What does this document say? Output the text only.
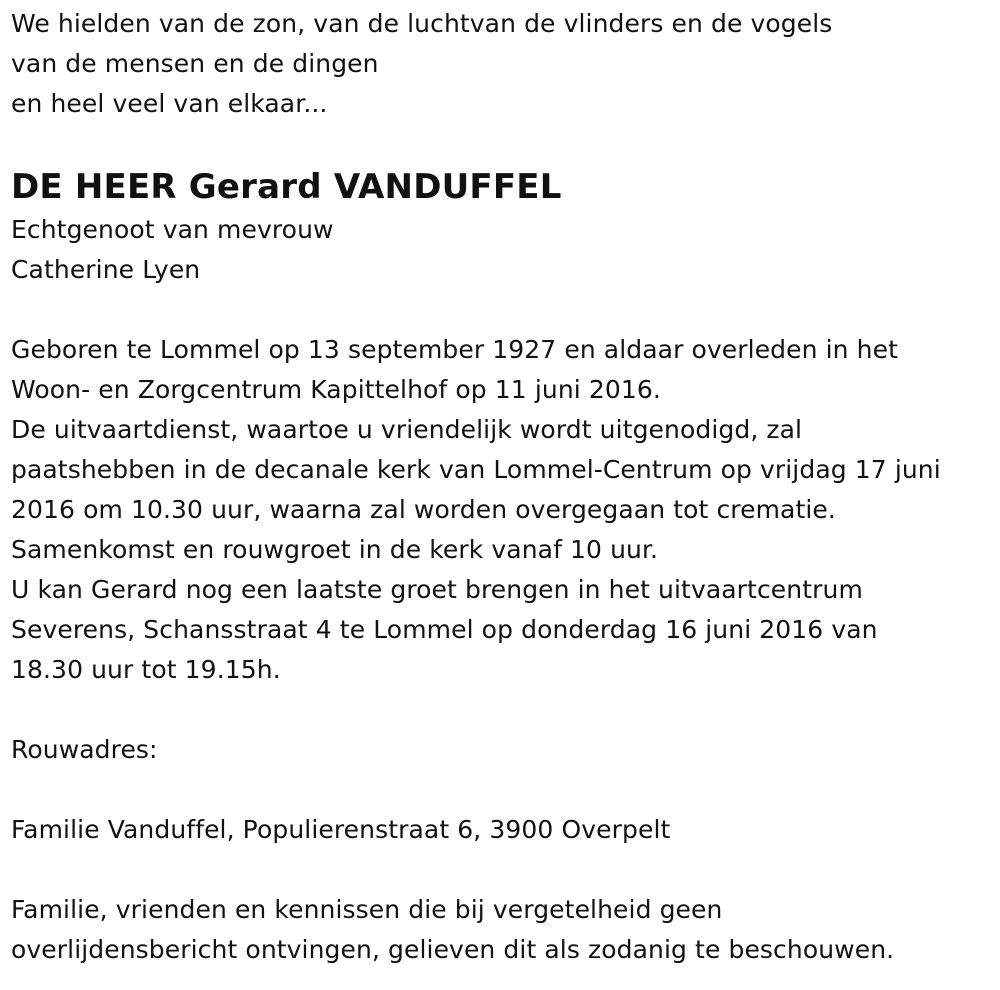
We hielden van de zon, van de luchtvan de vlinders en de vogels
van de mensen en de dingen
en heel veel van elkaar...
DE HEER Gerard VANDUFFEL
Echtgenoot van mevrouw
Catherine Lyen
Geboren te Lommel op 13 september 1927 en aldaar overleden in het
Woon- en Zorgcentrum Kapittelhof op 11 juni 2016.
De uitvaartdienst, waartoe u vriendelijk wordt uitgenodigd, zal
paatshebben in de decanale kerk van Lommel-Centrum op vrijdag 17 juni
2016 om 10.30 uur, waarna zal worden overgegaan tot crematie.
Samenkomst en rouwgroet in de kerk vanaf 10 uur.
U kan Gerard nog een laatste groet brengen in het uitvaartcentrum
Severens, Schansstraat 4 te Lommel op donderdag 16 juni 2016 van
18.30 uur tot 19.15h.
Rouwadres:
Familie Vanduffel, Populierenstraat 6, 3900 Overpelt
Familie, vrienden en kennissen die bij vergetelheid geen
overlijdensbericht ontvingen, gelieven dit als zodanig te beschouwen.
